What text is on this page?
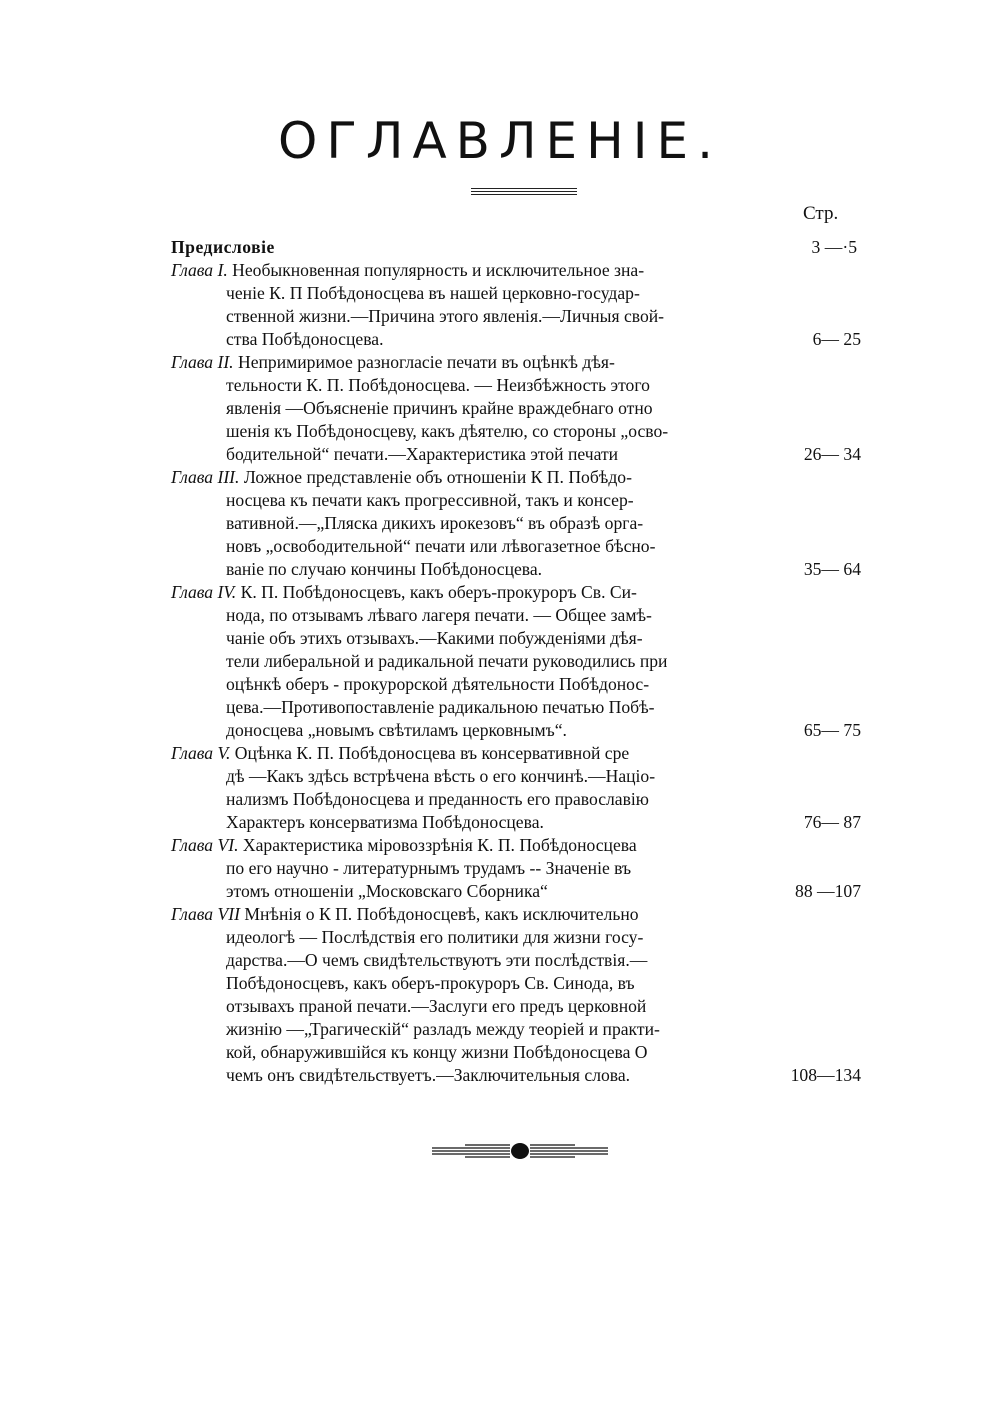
ОГЛАВЛЕНІЕ.
Стр.
Предисловіе	3 —·5
Глава I. Необыкновенная популярность и исключительное зна-
ченіе К. П Побѣдоносцева въ нашей церковно-государ-
ственной жизни.—Причина этого явленія.—Личныя свой-
ства Побѣдоносцева.	6— 25
Глава II. Непримиримое разногласіе печати въ оцѣнкѣ дѣя-
тельности К. П. Побѣдоносцева. — Неизбѣжность этого
явленія —Объясненіе причинъ крайне враждебнаго отно
шенія къ Побѣдоносцеву, какъ дѣятелю, со стороны „осво-
бодительной“ печати.—Характеристика этой печати	26— 34
Глава III. Ложное представленіе объ отношеніи К П. Побѣдо-
носцева къ печати какъ прогрессивной, такъ и консер-
вативной.—„Пляска дикихъ ирокезовъ“ въ образѣ орга-
новъ „освободительной“ печати или лѣвогазетное бѣсно-
ваніе по случаю кончины Побѣдоносцева.	35— 64
Глава IV. К. П. Побѣдоносцевъ, какъ оберъ-прокуроръ Св. Си-
нода, по отзывамъ лѣваго лагеря печати. — Общее замѣ-
чаніе объ этихъ отзывахъ.—Какими побужденіями дѣя-
тели либеральной и радикальной печати руководились при
оцѣнкѣ оберъ - прокурорской дѣятельности Побѣдонос-
цева.—Противопоставленіе радикальною печатью Побѣ-
доносцева „новымъ свѣтиламъ церковнымъ“.	65— 75
Глава V. Оцѣнка К. П. Побѣдоносцева въ консервативной сре
дѣ —Какъ здѣсь встрѣчена вѣсть о его кончинѣ.—Націо-
нализмъ Побѣдоносцева и преданность его православію
Характеръ консерватизма Побѣдоносцева.	76— 87
Глава VI. Характеристика міровоззрѣнія К. П. Побѣдоносцева
по его научно - литературнымъ трудамъ -- Значеніе въ
этомъ отношеніи „Московскаго Сборника“	88 —107
Глава VII Мнѣнія о К П. Побѣдоносцевѣ, какъ исключительно
идеологѣ — Послѣдствія его политики для жизни госу-
дарства.—О чемъ свидѣтельствуютъ эти послѣдствія.—
Побѣдоносцевъ, какъ оберъ-прокуроръ Св. Синода, въ
отзывахъ праной печати.—Заслуги его предъ церковной
жизнію —„Трагическій“ разладъ между теоріей и практи-
кой, обнаружившійся къ концу жизни Побѣдоносцева О
чемъ онъ свидѣтельствуетъ.—Заключительныя слова.	108—134
